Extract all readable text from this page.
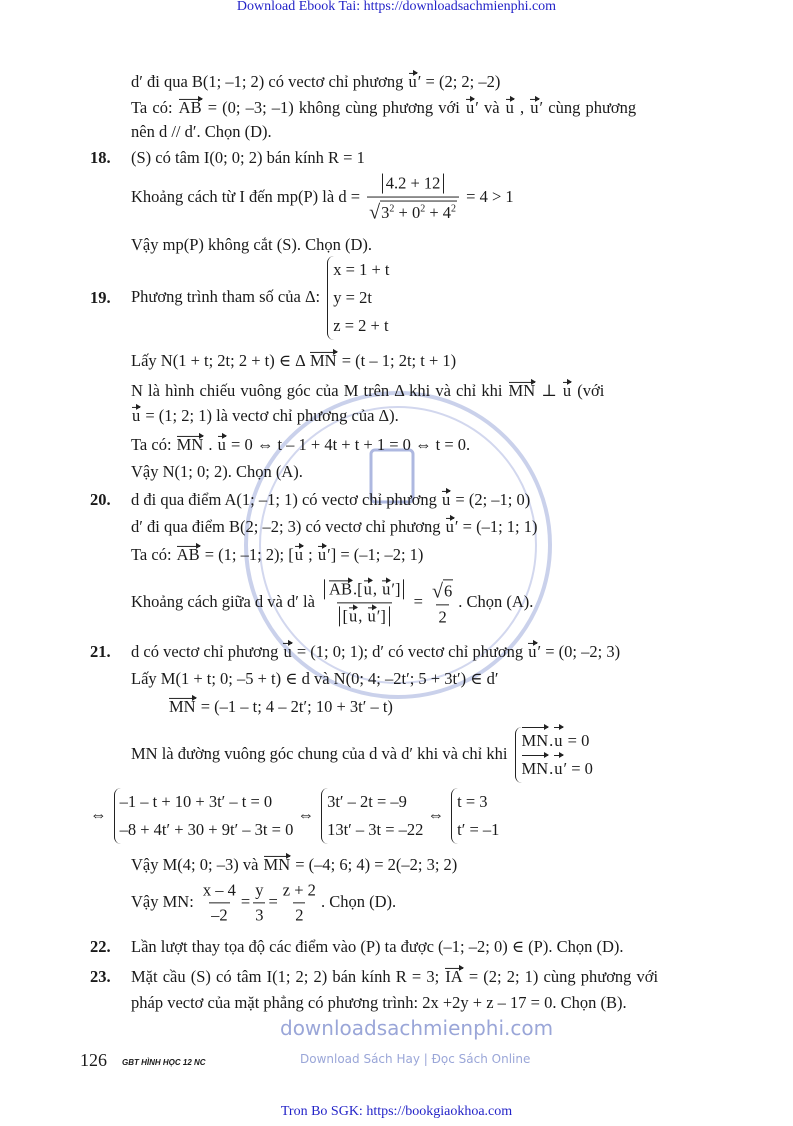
Download Ebook Tai: https://downloadsachmienphi.com
downloadsachmienphi.com
Download Sách Hay | Đọc Sách Online
18.
19.
20.
21.
22.
23.
d′ đi qua B(1; –1; 2) có vectơ chỉ phương u′ = (2; 2; –2)
Ta có: AB = (0; –3; –1) không cùng phương với u′ và u , u′ cùng phương
nên d // d′. Chọn (D).
(S) có tâm I(0; 0; 2) bán kính R = 1
Khoảng cách từ I đến mp(P) là $d = \frac{4.2 + 12}{√ 3^2 + 0^2 + 4^2} = 4 > 1$
Vậy mp(P) không cắt (S). Chọn (D).
Phương trình tham số của Δ:
x = 1 + t
y = 2t
z = 2 + t
Lấy N(1 + t; 2t; 2 + t) ∈ Δ MN = (t – 1; 2t; t + 1)
N là hình chiếu vuông góc của M trên Δ khi và chỉ khi MN ⊥ u (với
u = (1; 2; 1) là vectơ chỉ phương của Δ).
Ta có: MN . u = 0 ⇔ t – 1 + 4t + t + 1 = 0 ⇔ t = 0.
Vậy N(1; 0; 2). Chọn (A).
d đi qua điểm A(1; –1; 1) có vectơ chỉ phương u = (2; –1; 0)
d′ đi qua điểm B(2; –2; 3) có vectơ chỉ phương u′ = (–1; 1; 1)
Ta có: AB = (1; –1; 2); [u ; u′] = (–1; –2; 1)
Khoảng cách giữa d và d′ là $\frac{AB.[u, u']}{[u, u']} = \frac{√ 6}{2}$ . Chọn (A).
d có vectơ chỉ phương u = (1; 0; 1); d′ có vectơ chỉ phương u′ = (0; –2; 3)
Lấy M(1 + t; 0; –5 + t) ∈ d và N(0; 4; –2t′; 5 + 3t′) ∈ d′
MN = (–1 – t; 4 – 2t′; 10 + 3t′ – t)
MN là đường vuông góc chung của d và d′ khi và chỉ khi
MN.u = 0
MN.u′ = 0
⇔
–1 – t + 10 + 3t′ – t = 0
–8 + 4t′ + 30 + 9t′ – 3t = 0
⇔
3t′ – 2t = –9
13t′ – 3t = –22
⇔
t = 3
t′ = –1
Vậy M(4; 0; –3) và MN = (–4; 6; 4) = 2(–2; 3; 2)
Vậy MN: $\frac{x - 4}{-2} = \frac{y}{3} = \frac{z + 2}{2}$ . Chọn (D).
Lần lượt thay tọa độ các điểm vào (P) ta được (–1; –2; 0) ∈ (P). Chọn (D).
Mặt cầu (S) có tâm I(1; 2; 2) bán kính R = 3; IA = (2; 2; 1) cùng phương với
pháp vectơ của mặt phẳng có phương trình: 2x +2y + z – 17 = 0. Chọn (B).
126 GBT HÌNH HỌC 12 NC
Tron Bo SGK: https://bookgiaokhoa.com
